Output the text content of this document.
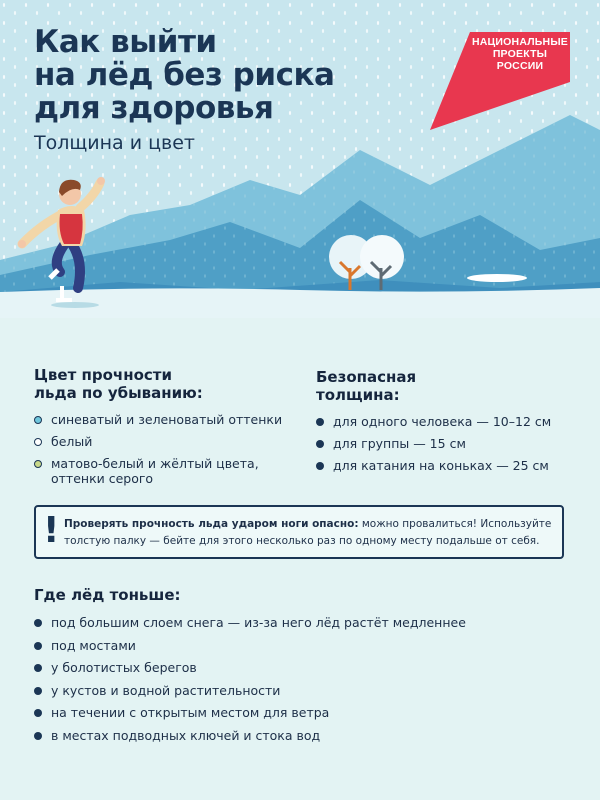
Как выйти
на лёд без риска
для здоровья
Толщина и цвет
НАЦИОНАЛЬНЫЕ
ПРОЕКТЫ
РОССИИ
Цвет прочности
льда по убыванию:
синеватый и зеленоватый оттенки
белый
матово-белый и жёлтый цвета,
оттенки серого
Безопасная
толщина:
для одного человека — 10–12 см
для группы — 15 см
для катания на коньках — 25 см
! Проверять прочность льда ударом ноги опасно: можно провалиться! Используйте толстую палку — бейте для этого несколько раз по одному месту подальше от себя.
Где лёд тоньше:
под большим слоем снега — из-за него лёд растёт медленнее
под мостами
у болотистых берегов
у кустов и водной растительности
на течении с открытым местом для ветра
в местах подводных ключей и стока вод
